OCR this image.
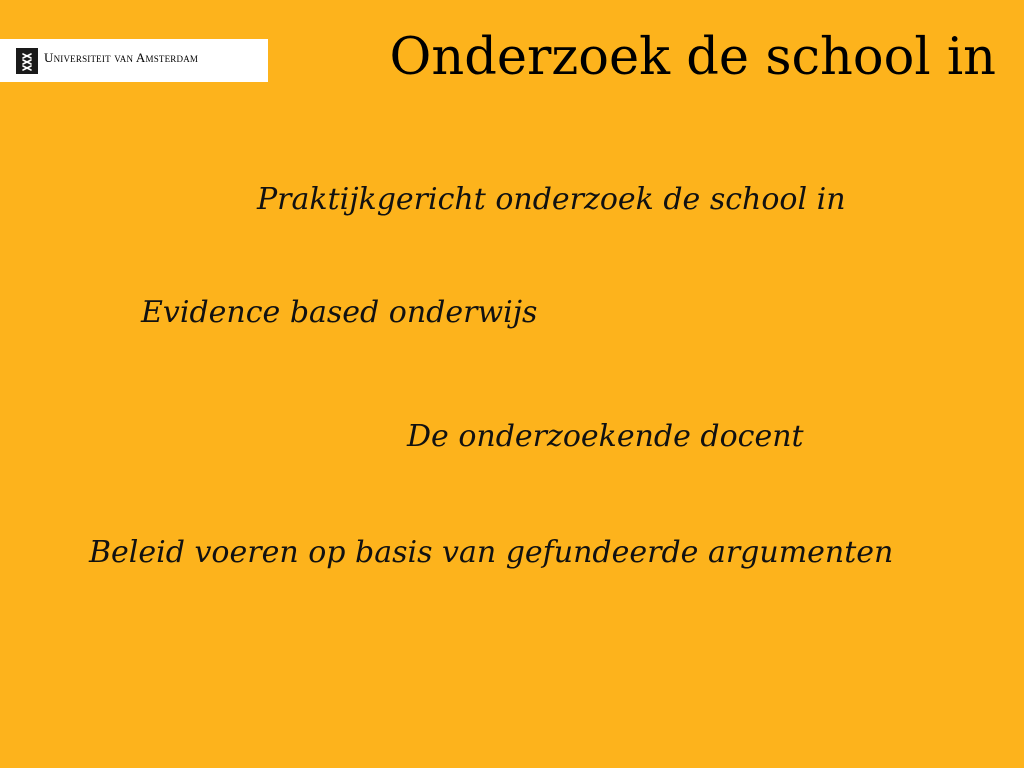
Universiteit van Amsterdam	Onderzoek de school in

Praktijkgericht onderzoek de school in

Evidence based onderwijs

De onderzoekende docent

Beleid voeren op basis van gefundeerde argumenten
